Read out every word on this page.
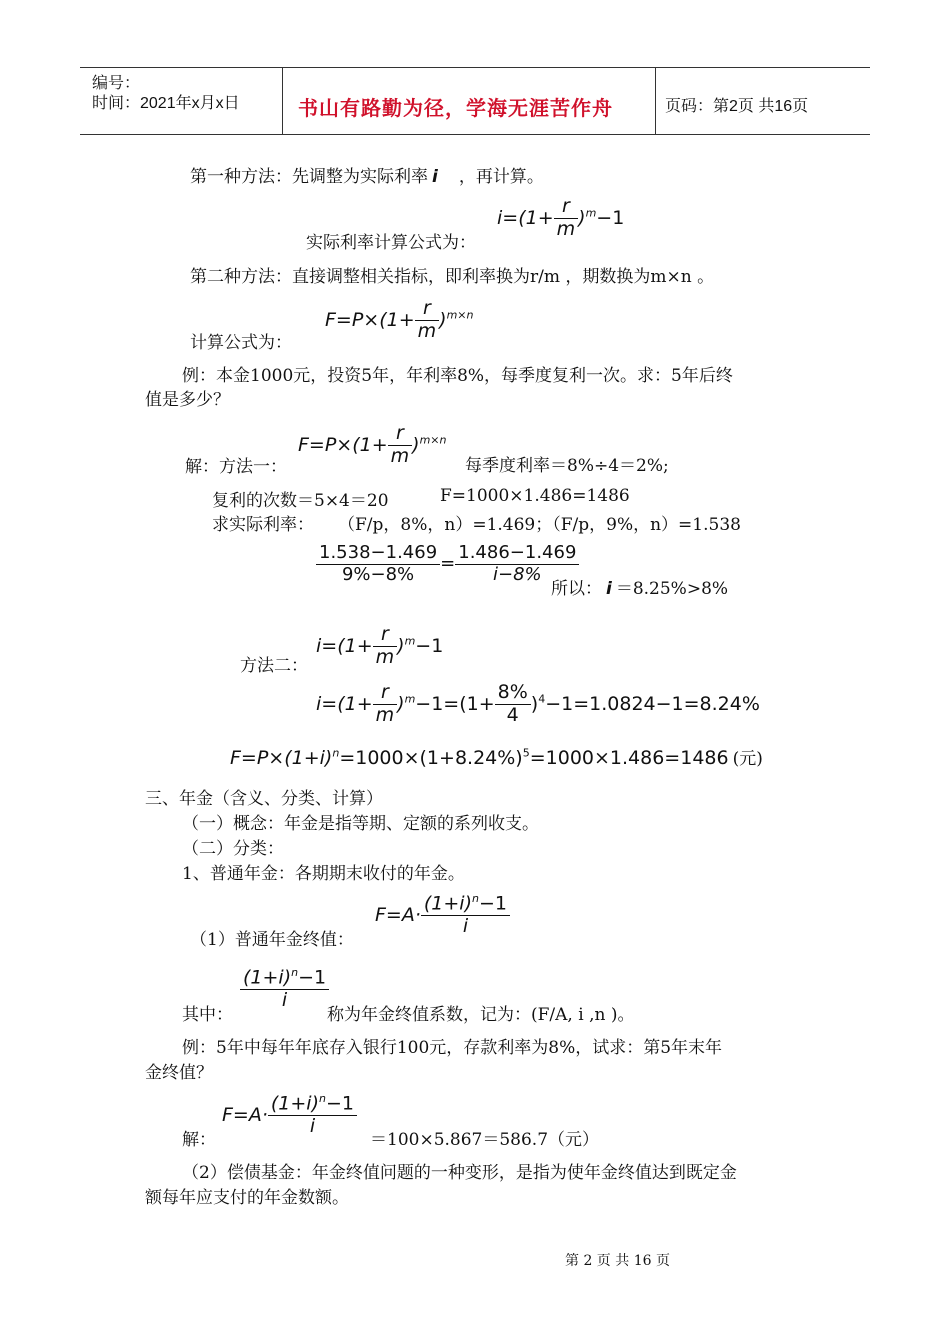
编号：
时间：2021年x月x日	书山有路勤为径，学海无涯苦作舟	页码：第2页 共16页
第一种方法：先调整为实际利率 i　 ，再计算。
$i=(1+ \frac{r}{m} )^m-1$
实际利率计算公式为：
第二种方法：直接调整相关指标，即利率换为r/m ，期数换为m×n 。
$F=P\times(1+ \frac{r}{m} )^{m\times n}$
计算公式为：
例：本金1000元，投资5年，年利率8%，每季度复利一次。求：5年后终
值是多少？
$F=P\times(1+ \frac{r}{m} )^{m\times n}$
解：方法一：	每季度利率＝8%÷4＝2%;
复利的次数＝5×4＝20	F=1000×1.486=1486
求实际利率： （F/p，8%，n）=1.469；（F/p，9%，n）=1.538
$\frac{1.538-1.469}{9\%-8\%} = \frac{1.486-1.469}{i-8\%}$
所以： i ＝8.25%>8%
$i=(1+ \frac{r}{m} )^m-1$
方法二：
$i=(1+ \frac{r}{m} )^m-1=(1+ \frac{8\%}{4} )^4-1=1.0824-1=8.24\%$
$F=P\times(1+i)^n=1000\times(1+8.24\%)^5=1000\times 1.486=1486$ (元)
三、年金（含义、分类、计算）
（一）概念：年金是指等期、定额的系列收支。
（二）分类：
1、普通年金：各期期末收付的年金。
$F=A\cdot \frac{(1+i)^n-1}{i}$
（1）普通年金终值：
$\frac{(1+i)^n-1}{i}$
其中：	称为年金终值系数，记为：(F/A, i ,n )。
例：5年中每年年底存入银行100元，存款利率为8%，试求：第5年末年
金终值？
$F=A\cdot \frac{(1+i)^n-1}{i}$
解：	＝100×5.867＝586.7（元）
（2）偿债基金：年金终值问题的一种变形，是指为使年金终值达到既定金
额每年应支付的年金数额。
第 2 页 共 16 页
